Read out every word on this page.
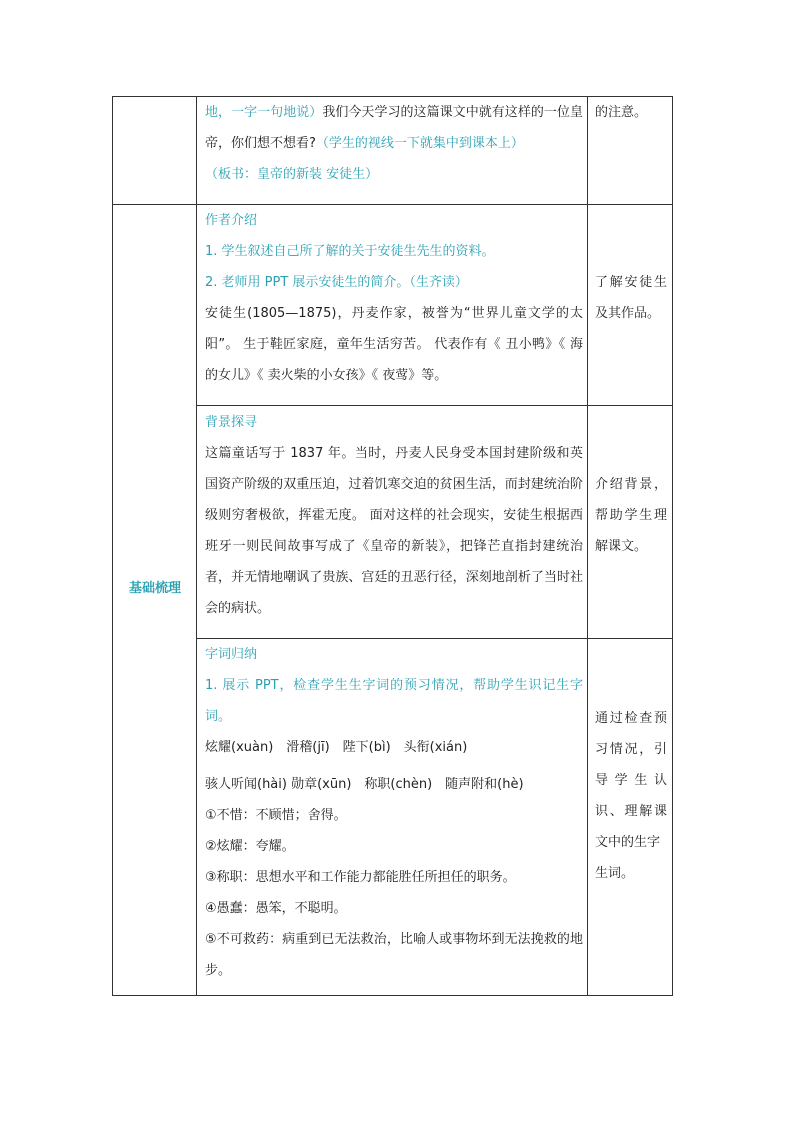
地，一字一句地说）我们今天学习的这篇课文中就有这样的一位皇帝，你们想不想看?（学生的视线一下就集中到课本上）

（板书：皇帝的新装 安徒生）

的注意。
基础梳理

作者介绍

1. 学生叙述自己所了解的关于安徒生先生的资料。

2. 老师用 PPT 展示安徒生的简介。（生齐读）

安徒生(1805—1875)，丹麦作家，被誉为“世界儿童文学的太阳”。 生于鞋匠家庭，童年生活穷苦。 代表作有《 丑小鸭》《 海的女儿》《 卖火柴的小女孩》《 夜莺》等。

了解安徒生及其作品。

背景探寻

这篇童话写于 1837 年。当时，丹麦人民身受本国封建阶级和英国资产阶级的双重压迫，过着饥寒交迫的贫困生活，而封建统治阶级则穷奢极欲，挥霍无度。 面对这样的社会现实，安徒生根据西班牙一则民间故事写成了《皇帝的新装》，把锋芒直指封建统治者，并无情地嘲讽了贵族、宫廷的丑恶行径，深刻地剖析了当时社会的病状。

介绍背景，帮助学生理解课文。

字词归纳

1. 展示 PPT，检查学生生字词的预习情况，帮助学生识记生字词。

炫耀(xuàn)　滑稽(jī)　陛下(bì)　头衔(xián)

骇人听闻(hài) 勋章(xūn)　称职(chèn)　随声附和(hè)

①不惜：不顾惜；舍得。

②炫耀：夸耀。

③称职：思想水平和工作能力都能胜任所担任的职务。

④愚蠢：愚笨，不聪明。

⑤不可救药：病重到已无法救治，比喻人或事物坏到无法挽救的地步。

通过检查预习情况，引导学生认识、理解课文中的生字

生词。
